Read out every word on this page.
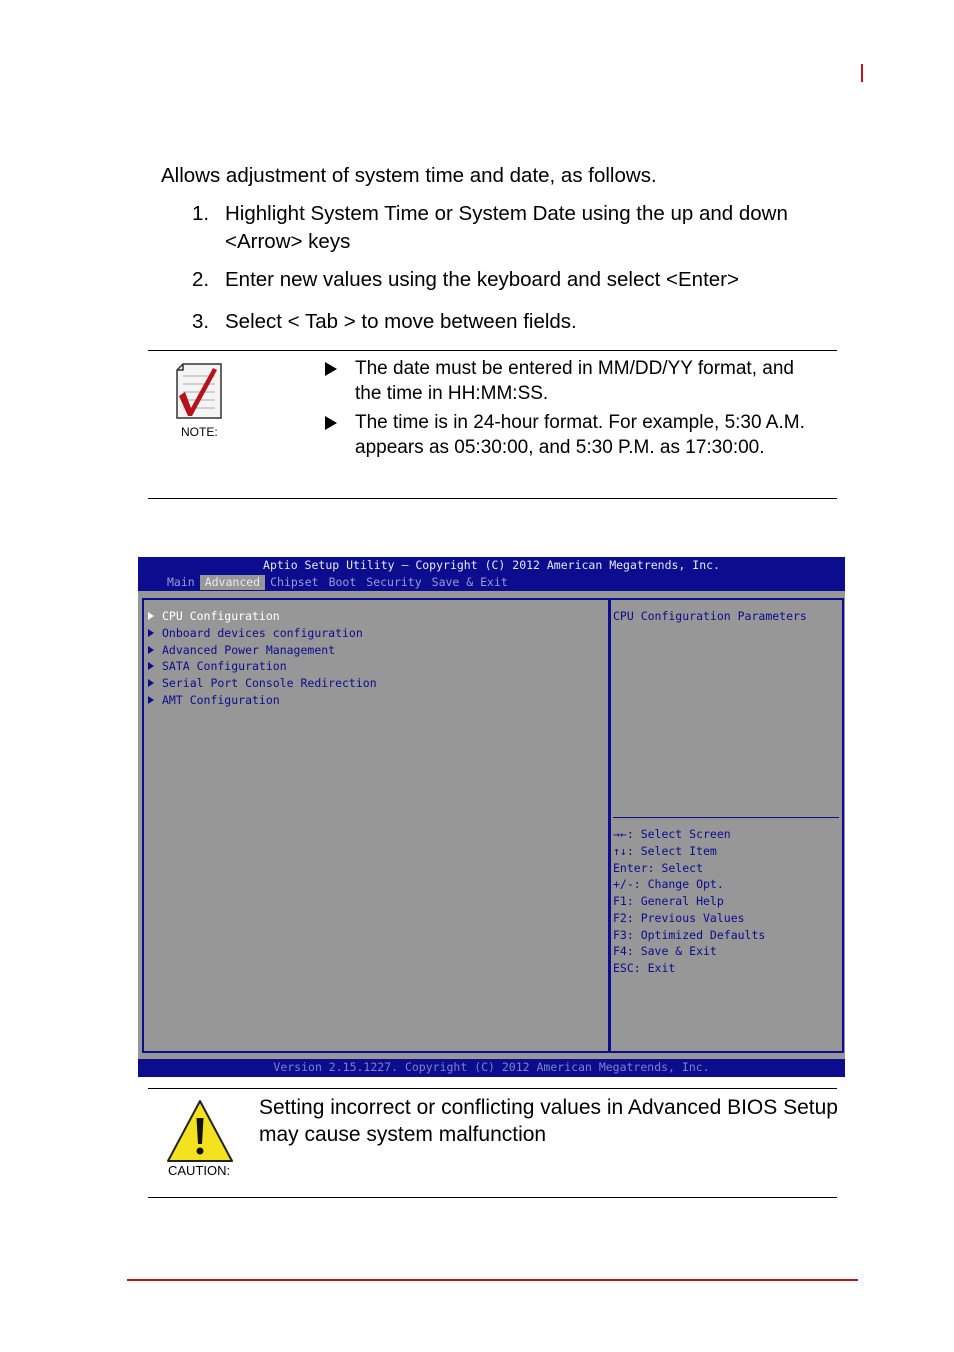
Allows adjustment of system time and date, as follows.
1. Highlight System Time or System Date using the up and down <Arrow> keys
2. Enter new values using the keyboard and select <Enter>
3. Select < Tab > to move between fields.
NOTE:
The date must be entered in MM/DD/YY format, and the time in HH:MM:SS.
The time is in 24-hour format. For example, 5:30 A.M. appears as 05:30:00, and 5:30 P.M. as 17:30:00.
Aptio Setup Utility – Copyright (C) 2012 American Megatrends, Inc.
Main Advanced Chipset Boot Security Save & Exit
CPU Configuration
Onboard devices configuration
Advanced Power Management
SATA Configuration
Serial Port Console Redirection
AMT Configuration
CPU Configuration Parameters
→←: Select Screen
↑↓: Select Item
Enter: Select
+/-: Change Opt.
F1: General Help
F2: Previous Values
F3: Optimized Defaults
F4: Save & Exit
ESC: Exit
Version 2.15.1227. Copyright (C) 2012 American Megatrends, Inc.
CAUTION:
Setting incorrect or conflicting values in Advanced BIOS Setup may cause system malfunction
